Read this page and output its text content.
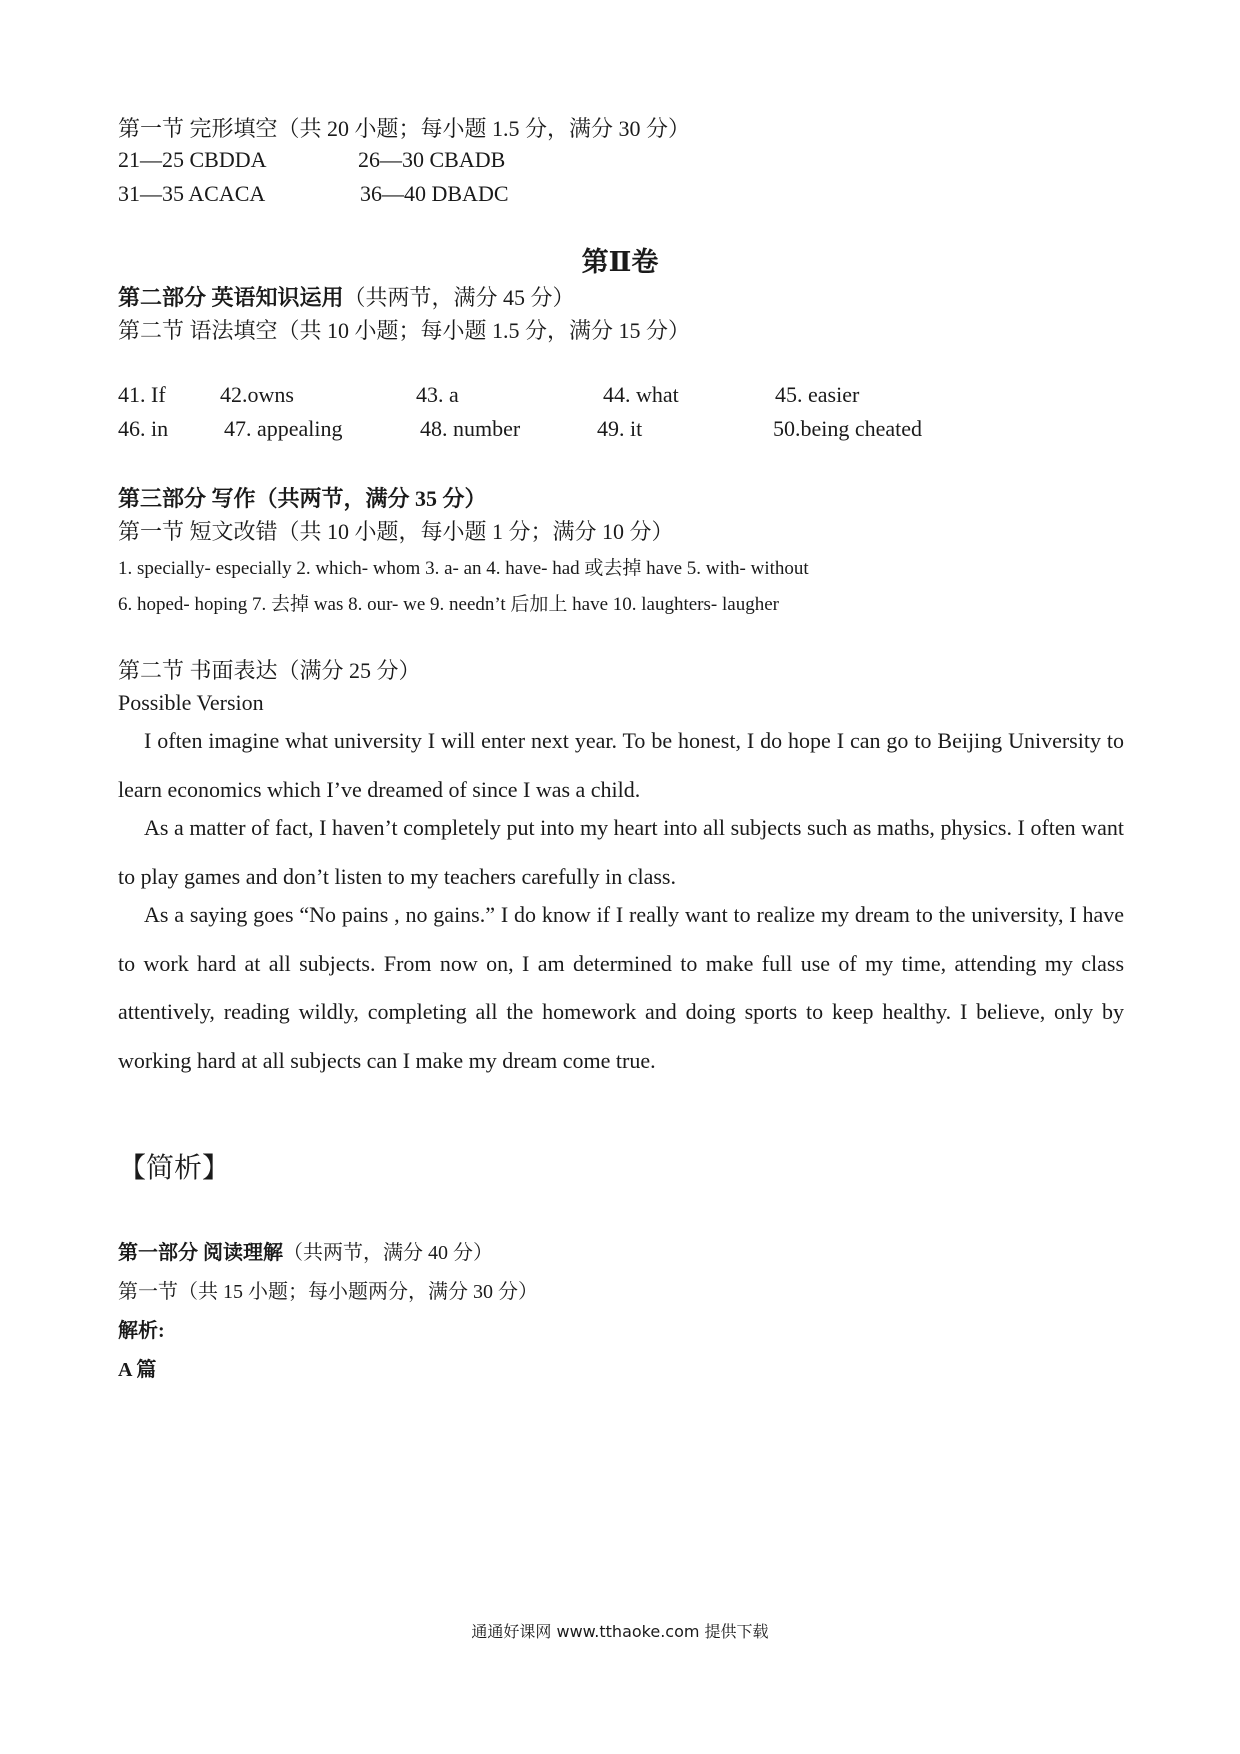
第一节 完形填空（共 20 小题；每小题 1.5 分，满分 30 分）
21—25 CBDDA	26—30 CBADB
31—35 ACACA	36—40 DBADC
第Ⅱ卷
第二部分 英语知识运用（共两节，满分 45 分）
第二节 语法填空（共 10 小题；每小题 1.5 分，满分 15 分）
41. If 42.owns	43. a	44. what	45. easier
46. in	47. appealing	48. number	49. it	50.being cheated
第三部分 写作（共两节，满分 35 分）
第一节 短文改错（共 10 小题，每小题 1 分；满分 10 分）
1. specially- especially 2. which- whom 3. a- an 4. have- had 或去掉 have 5. with- without
6. hoped- hoping 7. 去掉 was 8. our- we 9. needn’t 后加上 have 10. laughters- laugher
第二节 书面表达（满分 25 分）
Possible Version
I often imagine what university I will enter next year. To be honest, I do hope I can go to Beijing University to learn economics which I’ve dreamed of since I was a child.
As a matter of fact, I haven’t completely put into my heart into all subjects such as maths, physics. I often want to play games and don’t listen to my teachers carefully in class.
As a saying goes “No pains , no gains.” I do know if I really want to realize my dream to the university, I have to work hard at all subjects. From now on, I am determined to make full use of my time, attending my class attentively, reading wildly, completing all the homework and doing sports to keep healthy. I believe, only by working hard at all subjects can I make my dream come true.
【简析】
第一部分 阅读理解（共两节，满分 40 分）
第一节（共 15 小题；每小题两分，满分 30 分）
解析:
A 篇
通通好课网 www.tthaoke.com 提供下载
